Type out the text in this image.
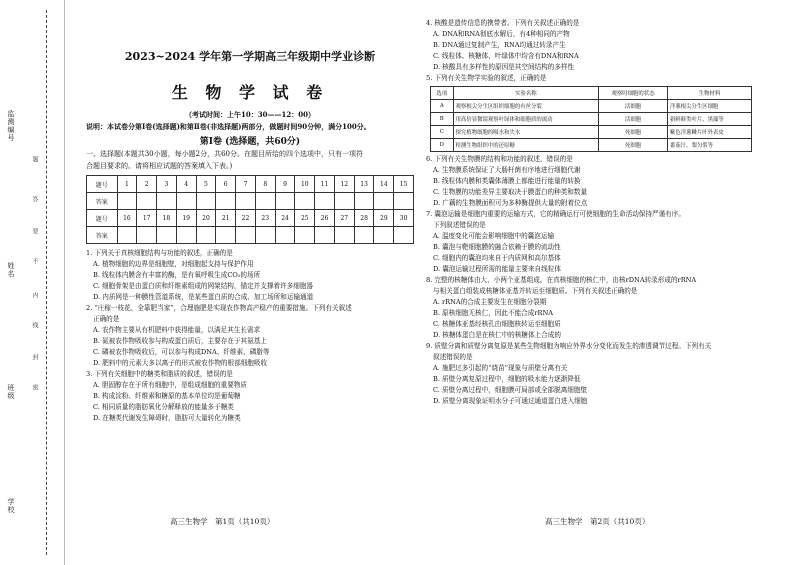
监测编号
姓名
班级
学校
题
答
要
不
内
线
封
密
2023~2024 学年第一学期高三年级期中学业诊断
生 物 学 试 卷
（考试时间：上午10：30——12：00）
说明：本试卷分第Ⅰ卷(选择题)和第Ⅱ卷(非选择题)两部分，做题时间90分钟，满分100分。
第Ⅰ卷 (选择题，共60分)
一、选择题(本题共30小题，每小题2分，共60分。在题目所给的四个选项中，只有一项符
合题目要求的。请将相应试题的答案填入下表。)
题号	1	2	3	4	5	6	7	8	9	10	11	12	13	14	15
答案															
题号	16	17	18	19	20	21	22	23	24	25	26	27	28	29	30
答案															

1. 下列关于真核细胞结构与功能的叙述，正确的是

A. 植物细胞的边界是细胞壁，对细胞起支持与保护作用

B. 线粒体内膜含有丰富的酶，是有氧呼吸生成CO₂的场所

C. 细胞骨架是由蛋白质和纤维素组成的网架结构，锚定并支撑着许多细胞器

D. 内质网是一种膜性管道系统，是某些蛋白质的合成、加工场所和运输通道

2. “庄稼一枝花，全靠肥当家”，合理施肥是实现农作物高产稳产的重要措施。下列有关叙述

正确的是

A. 农作物主要从有机肥料中获得能量，以满足其生长需求

B. 氮被农作物吸收参与构成蛋白质后，主要存在于其氨基上

C. 磷被农作物吸收后，可以参与构成DNA、纤维素、磷脂等

D. 肥料中的元素大多以离子的形式被农作物的根部细胞吸收

3. 下列有关细胞中的糖类和脂质的叙述，错误的是

A. 胆固醇存在于所有细胞中，是组成细胞的重要物质

B. 构成淀粉、纤维素和糖原的基本单位均是葡萄糖

C. 相同质量的脂肪氧化分解释放的能量多于糖类

D. 在糖类代谢发生障碍时，脂肪可大量转化为糖类

4. 核酸是遗传信息的携带者。下列有关叙述正确的是

A. DNA和RNA彻底水解后，有4种相同的产物

B. DNA通过复制产生，RNA均通过转录产生

C. 线粒体、核糖体、叶绿体中均含有DNA和RNA

D. 核酸具有多样性的原因是其空间结构的多样性

5. 下列有关生物学实验的叙述，正确的是

选项	实验名称	观察时细胞的状态	生物材料
A	观察根尖分生区组织细胞的有丝分裂	活细胞	洋葱根尖分生区细胞
B	用高倍显微镜观察叶绿体和细胞质的流动	活细胞	新鲜藓类叶片、黑藻等
C	探究植物细胞的吸水和失水	死细胞	紫色洋葱鳞片叶外表皮
D	检测生物组织中的还原糖	死细胞	番茄汁、梨匀浆等

6. 下列有关生物膜的结构和功能的叙述，错误的是

A. 生物膜系统保证了大肠杆菌有序地进行细胞代谢

B. 线粒体内膜和类囊体薄膜上都能进行能量的转换

C. 生物膜的功能差异主要取决于膜蛋白的种类和数量

D. 广藕的生物膜面积可为多种酶提供大量的附着位点

7. 囊泡运输是细胞内重要的运输方式，它的精确运行可使细胞的生命活动保持严谨有序。

下列叙述错误的是

A. 温度变化可能会影响细胞中的囊泡运输

B. 囊泡与靶细胞膜的融合依赖于膜的流动性

C. 细胞内的囊泡均来自于内质网和高尔基体

D. 囊泡运输过程所需的能量主要来自线粒体

8. 完整的核糖体由大、小两个亚基组成。在真核细胞的核仁中，由核rDNA转录形成的rRNA

与相关蛋白组装成核糖体亚基并转运至细胞质。下列有关叙述正确的是

A. rRNA的合成主要发生在细胞分裂期

B. 原核细胞无核仁，因此不能合成rRNA

C. 核糖体亚基经核孔由细胞核转运至细胞质

D. 核糖体蛋白是在核仁中的核糖体上合成的

9. 质壁分离和质壁分离复原是某些生物细胞为响应外界水分变化而发生的渗透调节过程。下列有关

叙述错误的是

A. 施肥过多引起的“烧苗”现象与质壁分离有关

B. 质壁分离复原过程中，细胞的吸水能力逐渐降低

C. 质壁分离过程中，细胞膜可局部或全部脱离细胞壁

D. 质壁分离现象证明水分子可通过通道蛋白进入细胞

高三生物学　第1页（共10页）	高三生物学　第2页（共10页）
